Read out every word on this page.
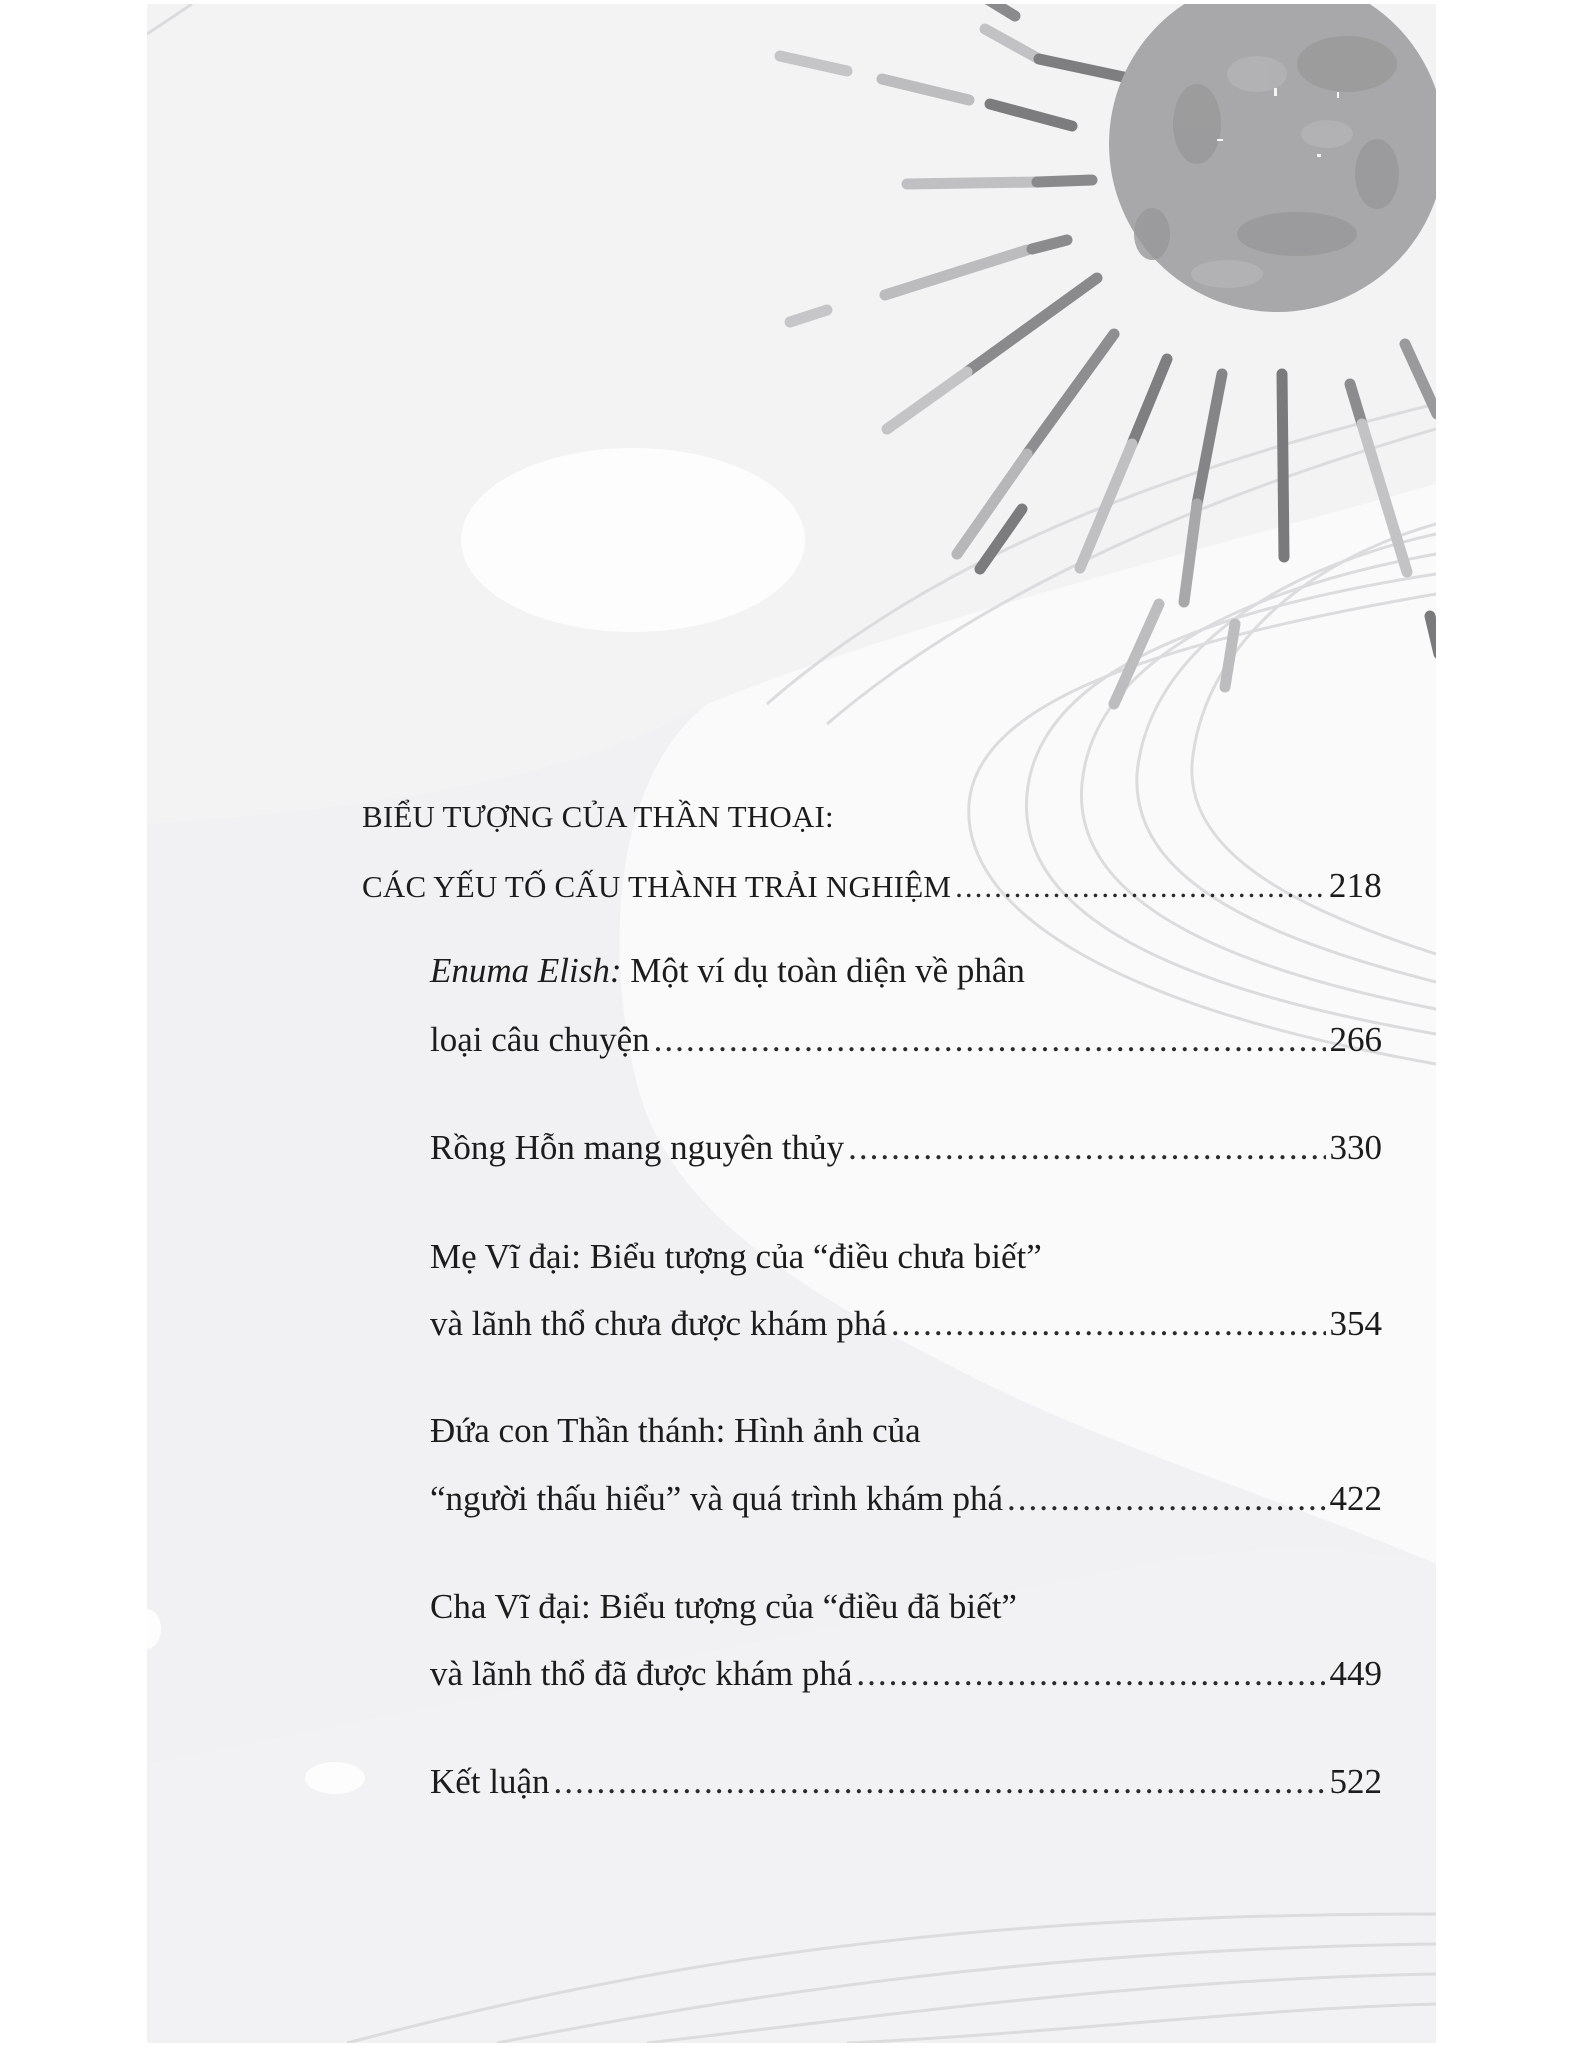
BIỂU TƯỢNG CỦA THẦN THOẠI:
CÁC YẾU TỐ CẤU THÀNH TRẢI NGHIỆM .....	218
Enuma Elish: Một ví dụ toàn diện về phân
loại câu chuyện .....	266
Rồng Hỗn mang nguyên thủy .....	330
Mẹ Vĩ đại: Biểu tượng của “điều chưa biết”
và lãnh thổ chưa được khám phá .....	354
Đứa con Thần thánh: Hình ảnh của
“người thấu hiểu” và quá trình khám phá .....	422
Cha Vĩ đại: Biểu tượng của “điều đã biết”
và lãnh thổ đã được khám phá .....	449
Kết luận .....	522
